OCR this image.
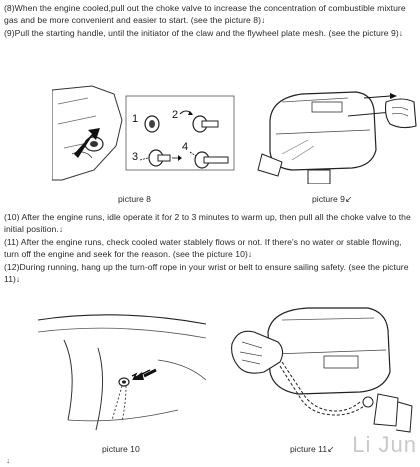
(8)When the engine cooled,pull out the choke valve to increase the concentration of combustible mixture gas and be more convenient and easier to start. (see the picture 8)↓
(9)Pull the starting handle, until the initiator of the claw and the flywheel plate mesh. (see the picture 9)↓
1	2
3
4
picture 8	picture 9↙
(10) After the engine runs, idle operate it for 2 to 3 minutes to warm up, then pull all the choke valve to the initial position.↓
(11) After the engine runs, check cooled water stablely flows or not. If there's no water or stable flowing, turn off the engine and seek for the reason. (see the picture 10)↓
(12)During running, hang up the turn-off rope in your wrist or belt to ensure sailing safety. (see the picture 11)↓
picture 10	picture 11↙ Li Jun
↓
